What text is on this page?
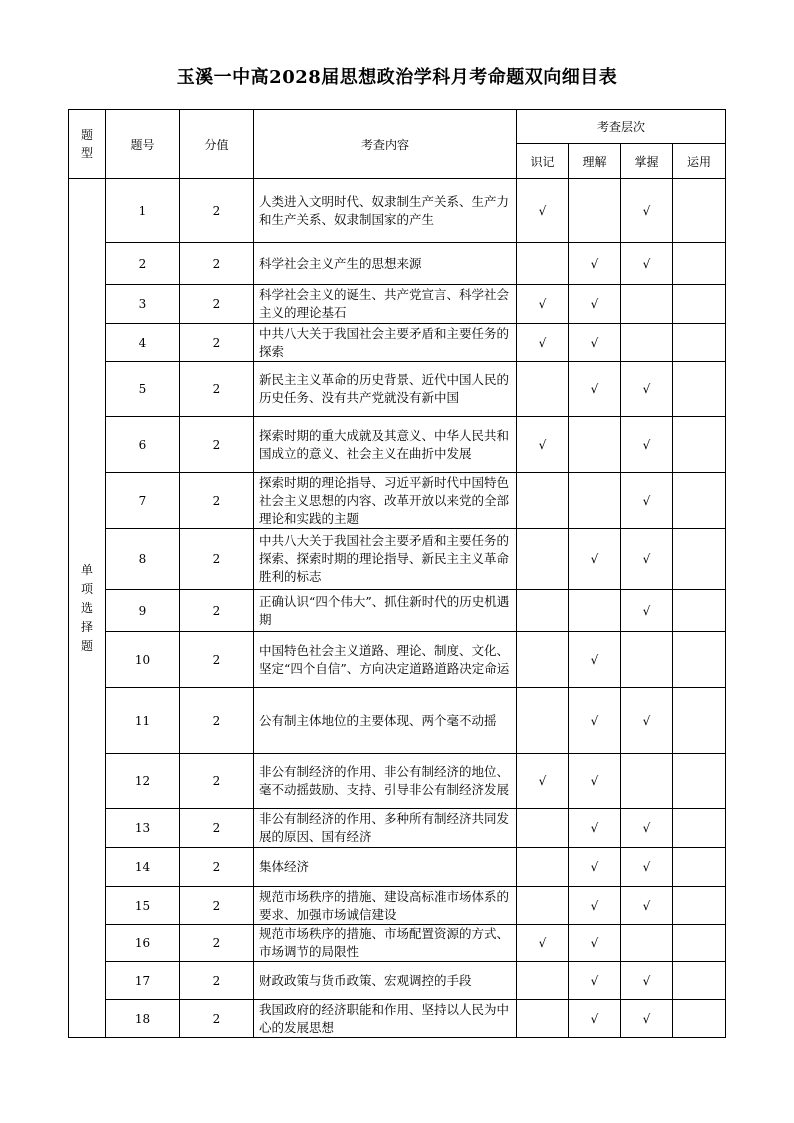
玉溪一中高2028届思想政治学科月考命题双向细目表
题型	题号	分值	考查内容	考查层次			
				识记	理解	掌握	运用
单项选择题	1	2	人类进入文明时代、奴隶制生产关系、生产力和生产关系、奴隶制国家的产生	√		√	
	2	2	科学社会主义产生的思想来源		√	√	
	3	2	科学社会主义的诞生、共产党宣言、科学社会主义的理论基石	√	√		
	4	2	中共八大关于我国社会主要矛盾和主要任务的探索	√	√		
	5	2	新民主主义革命的历史背景、近代中国人民的历史任务、没有共产党就没有新中国		√	√	
	6	2	探索时期的重大成就及其意义、中华人民共和国成立的意义、社会主义在曲折中发展	√		√	
	7	2	探索时期的理论指导、习近平新时代中国特色社会主义思想的内容、改革开放以来党的全部理论和实践的主题			√	
	8	2	中共八大关于我国社会主要矛盾和主要任务的探索、探索时期的理论指导、新民主主义革命胜利的标志		√	√	
	9	2	正确认识“四个伟大”、抓住新时代的历史机遇期			√	
	10	2	中国特色社会主义道路、理论、制度、文化、坚定“四个自信”、方向决定道路道路决定命运		√		
	11	2	公有制主体地位的主要体现、两个毫不动摇		√	√	
	12	2	非公有制经济的作用、非公有制经济的地位、毫不动摇鼓励、支持、引导非公有制经济发展	√	√		
	13	2	非公有制经济的作用、多种所有制经济共同发展的原因、国有经济		√	√	
	14	2	集体经济		√	√	
	15	2	规范市场秩序的措施、建设高标准市场体系的要求、加强市场诚信建设		√	√	
	16	2	规范市场秩序的措施、市场配置资源的方式、市场调节的局限性	√	√		
	17	2	财政政策与货币政策、宏观调控的手段		√	√	
	18	2	我国政府的经济职能和作用、坚持以人民为中心的发展思想		√	√	
